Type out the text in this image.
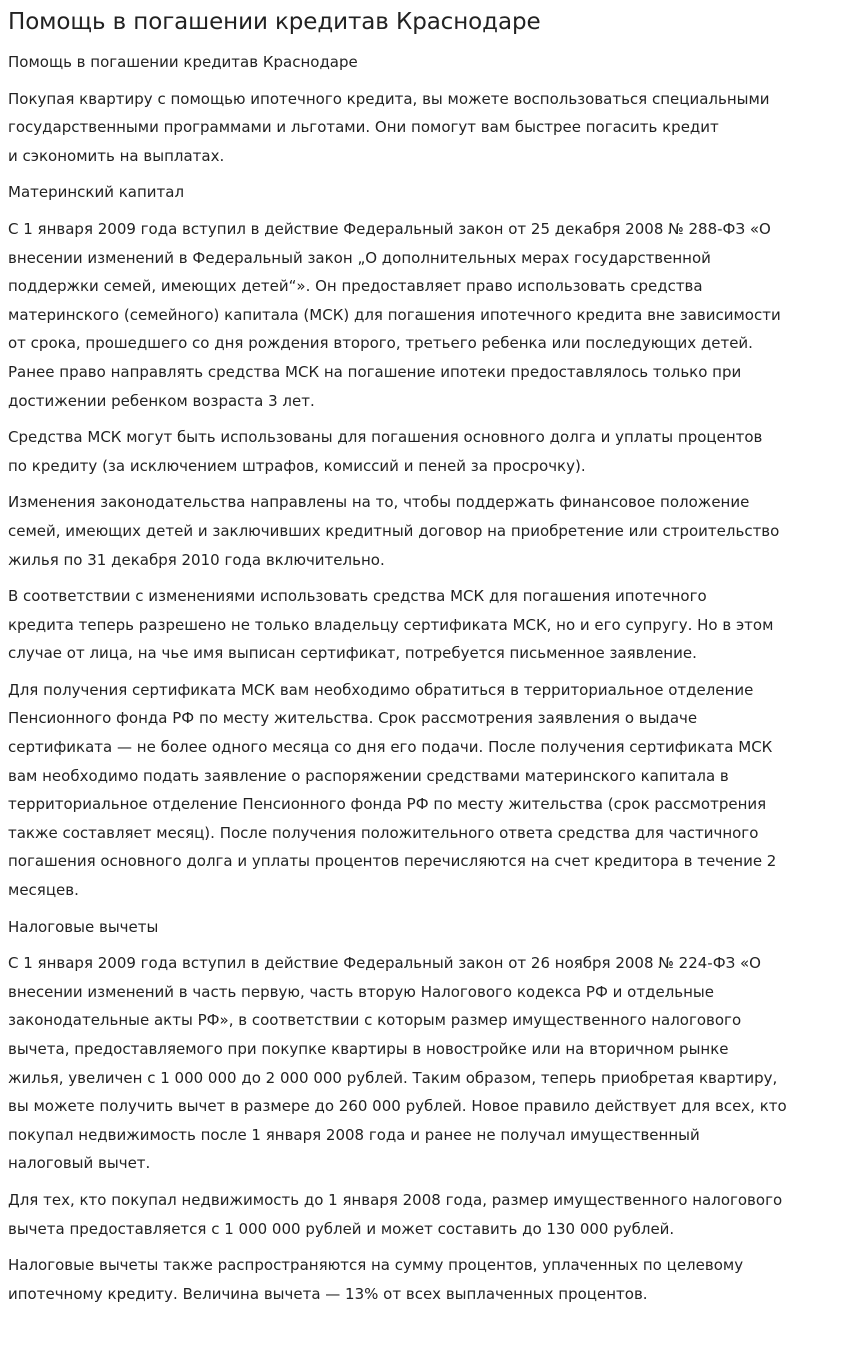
Помощь в погашении кредитав Краснодаре

Помощь в погашении кредитав Краснодаре

Покупая квартиру с помощью ипотечного кредита, вы можете воспользоваться специальными
государственными программами и льготами. Они помогут вам быстрее погасить кредит
и сэкономить на выплатах.

Материнский капитал

С 1 января 2009 года вступил в действие Федеральный закон от 25 декабря 2008 № 288-ФЗ «О
внесении изменений в Федеральный закон „О дополнительных мерах государственной
поддержки семей, имеющих детей“». Он предоставляет право использовать средства
материнского (семейного) капитала (МСК) для погашения ипотечного кредита вне зависимости
от срока, прошедшего со дня рождения второго, третьего ребенка или последующих детей.
Ранее право направлять средства МСК на погашение ипотеки предоставлялось только при
достижении ребенком возраста 3 лет.

Средства МСК могут быть использованы для погашения основного долга и уплаты процентов
по кредиту (за исключением штрафов, комиссий и пеней за просрочку).

Изменения законодательства направлены на то, чтобы поддержать финансовое положение
семей, имеющих детей и заключивших кредитный договор на приобретение или строительство
жилья по 31 декабря 2010 года включительно.

В соответствии с изменениями использовать средства МСК для погашения ипотечного
кредита теперь разрешено не только владельцу сертификата МСК, но и его супругу. Но в этом
случае от лица, на чье имя выписан сертификат, потребуется письменное заявление.

Для получения сертификата МСК вам необходимо обратиться в территориальное отделение
Пенсионного фонда РФ по месту жительства. Срок рассмотрения заявления о выдаче
сертификата — не более одного месяца со дня его подачи. После получения сертификата МСК
вам необходимо подать заявление о распоряжении средствами материнского капитала в
территориальное отделение Пенсионного фонда РФ по месту жительства (срок рассмотрения
также составляет месяц). После получения положительного ответа средства для частичного
погашения основного долга и уплаты процентов перечисляются на счет кредитора в течение 2
месяцев.

Налоговые вычеты

С 1 января 2009 года вступил в действие Федеральный закон от 26 ноября 2008 № 224-ФЗ «О
внесении изменений в часть первую, часть вторую Налогового кодекса РФ и отдельные
законодательные акты РФ», в соответствии с которым размер имущественного налогового
вычета, предоставляемого при покупке квартиры в новостройке или на вторичном рынке
жилья, увеличен с 1 000 000 до 2 000 000 рублей. Таким образом, теперь приобретая квартиру,
вы можете получить вычет в размере до 260 000 рублей. Новое правило действует для всех, кто
покупал недвижимость после 1 января 2008 года и ранее не получал имущественный
налоговый вычет.

Для тех, кто покупал недвижимость до 1 января 2008 года, размер имущественного налогового
вычета предоставляется с 1 000 000 рублей и может составить до 130 000 рублей.

Налоговые вычеты также распространяются на сумму процентов, уплаченных по целевому
ипотечному кредиту. Величина вычета — 13% от всех выплаченных процентов.
